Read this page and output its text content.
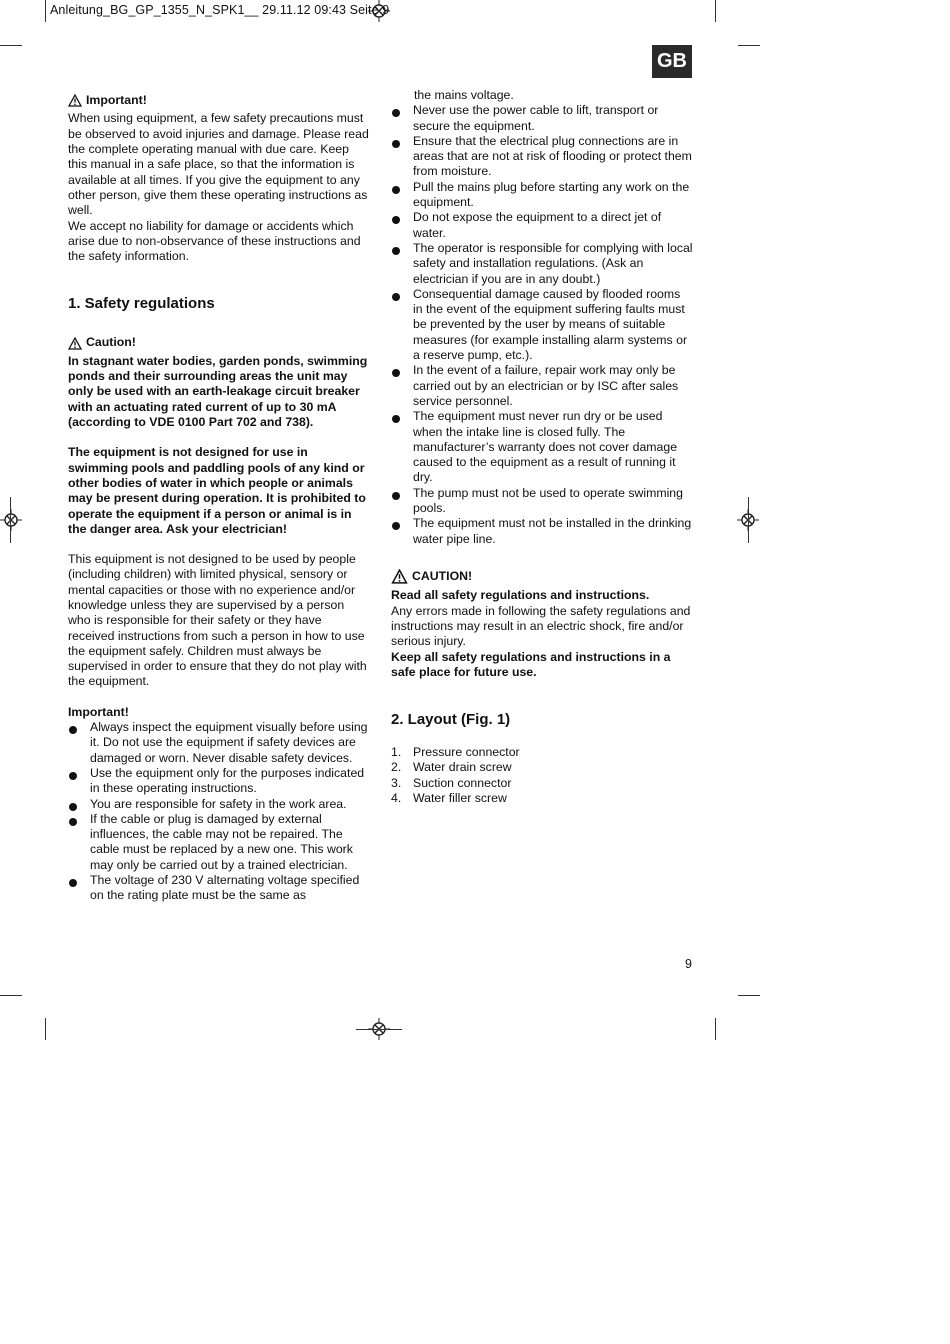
Anleitung_BG_GP_1355_N_SPK1__ 29.11.12 09:43 Seite 9
GB
Important!

When using equipment, a few safety precautions must be observed to avoid injuries and damage. Please read the complete operating manual with due care. Keep this manual in a safe place, so that the information is available at all times. If you give the equipment to any other person, give them these operating instructions as well.

We accept no liability for damage or accidents which arise due to non-observance of these instructions and the safety information.

1. Safety regulations
Caution!

In stagnant water bodies, garden ponds, swimming ponds and their surrounding areas the unit may only be used with an earth-leakage circuit breaker with an actuating rated current of up to 30 mA (according to VDE 0100 Part 702 and 738).

The equipment is not designed for use in swimming pools and paddling pools of any kind or other bodies of water in which people or animals may be present during operation. It is prohibited to operate the equipment if a person or animal is in the danger area. Ask your electrician!

This equipment is not designed to be used by people (including children) with limited physical, sensory or mental capacities or those with no experience and/or knowledge unless they are supervised by a person who is responsible for their safety or they have received instructions from such a person in how to use the equipment safely. Children must always be supervised in order to ensure that they do not play with the equipment.

Important!

Always inspect the equipment visually before using it. Do not use the equipment if safety devices are damaged or worn. Never disable safety devices.
Use the equipment only for the purposes indicated in these operating instructions.
You are responsible for safety in the work area.
If the cable or plug is damaged by external influences, the cable may not be repaired. The cable must be replaced by a new one. This work may only be carried out by a trained electrician.
The voltage of 230 V alternating voltage specified on the rating plate must be the same as

the mains voltage.

Never use the power cable to lift, transport or secure the equipment.
Ensure that the electrical plug connections are in areas that are not at risk of flooding or protect them from moisture.
Pull the mains plug before starting any work on the equipment.
Do not expose the equipment to a direct jet of water.
The operator is responsible for complying with local safety and installation regulations. (Ask an electrician if you are in any doubt.)
Consequential damage caused by flooded rooms in the event of the equipment suffering faults must be prevented by the user by means of suitable measures (for example installing alarm systems or a reserve pump, etc.).
In the event of a failure, repair work may only be carried out by an electrician or by ISC after sales service personnel.
The equipment must never run dry or be used when the intake line is closed fully. The manufacturer’s warranty does not cover damage caused to the equipment as a result of running it dry.
The pump must not be used to operate swimming pools.
The equipment must not be installed in the drinking water pipe line.
CAUTION!

Read all safety regulations and instructions.

Any errors made in following the safety regulations and instructions may result in an electric shock, fire and/or serious injury.

Keep all safety regulations and instructions in a safe place for future use.

2. Layout (Fig. 1)
1. Pressure connector
2. Water drain screw
3. Suction connector
4. Water filler screw
9
